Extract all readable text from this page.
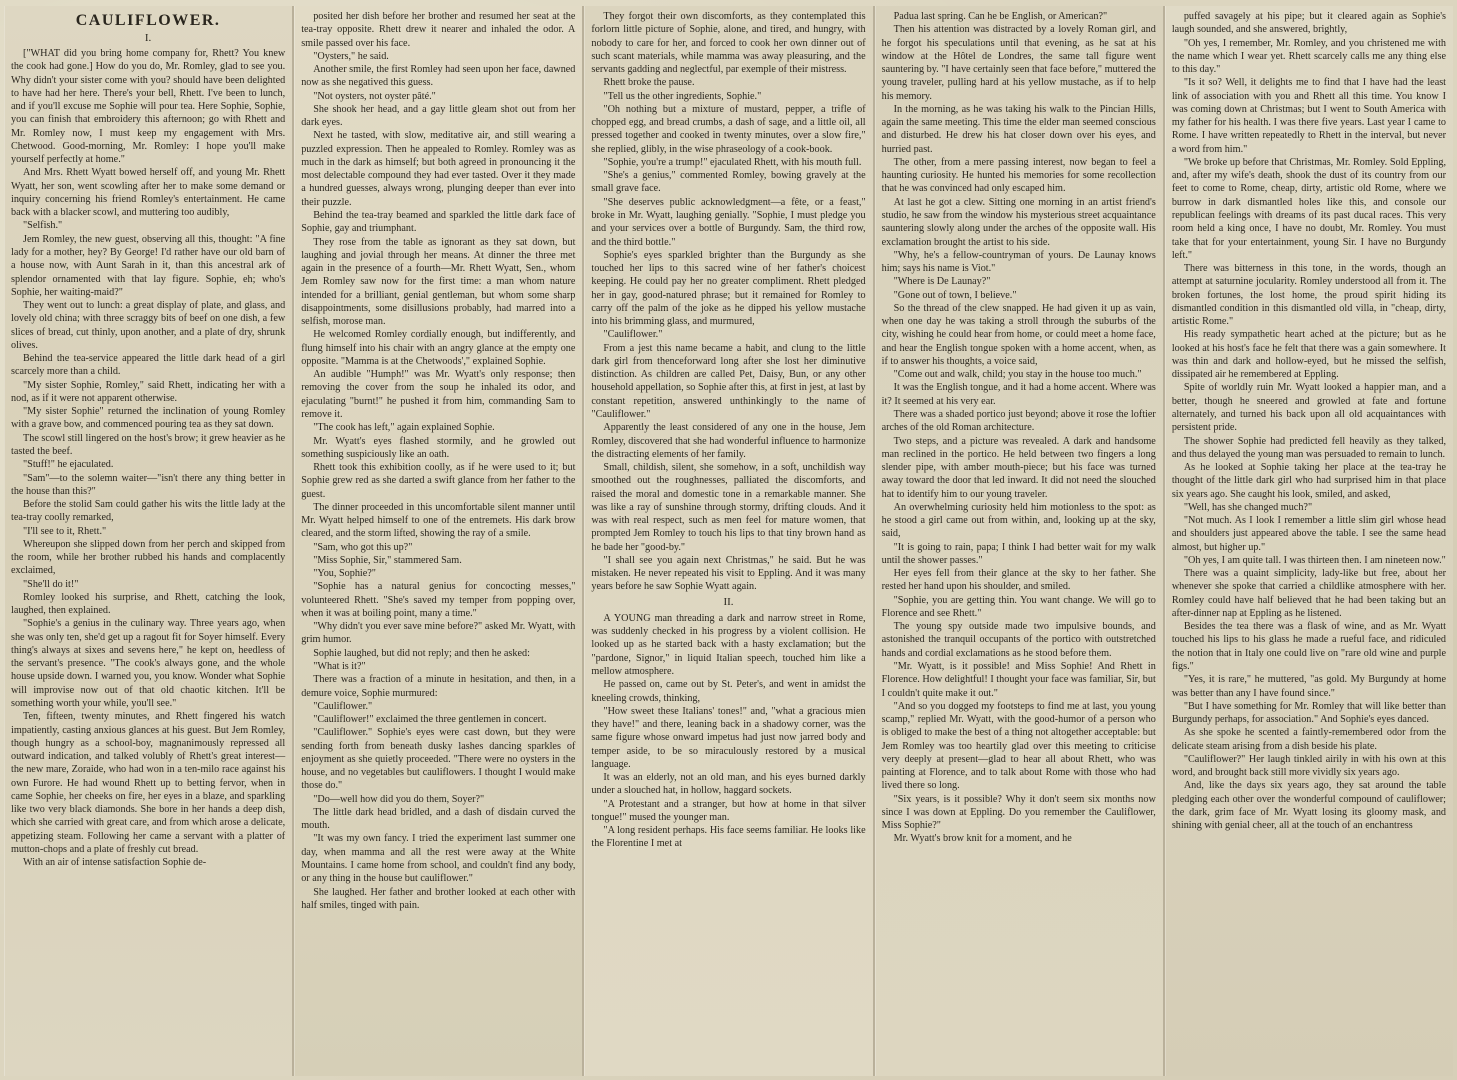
CAULIFLOWER.
I.
["WHAT did you bring home company for, Rhett? You knew the cook had gone.] How do you do, Mr. Romley, glad to see you. Why didn't your sister come with you? should have been delighted to have had her here. There's your bell, Rhett. I've been to lunch, and if you'll excuse me Sophie will pour tea. Here Sophie, Sophie, you can finish that embroidery this afternoon; go with Rhett and Mr. Romley now, I must keep my engagement with Mrs. Chetwood. Good-morning, Mr. Romley: I hope you'll make yourself perfectly at home."
And Mrs. Rhett Wyatt bowed herself off, and young Mr. Rhett Wyatt, her son, went scowling after her to make some demand or inquiry concerning his friend Romley's entertainment. He came back with a blacker scowl, and muttering too audibly,
"Selfish."
Jem Romley, the new guest, observing all this, thought: "A fine lady for a mother, hey? By George! I'd rather have our old barn of a house now, with Aunt Sarah in it, than this ancestral ark of splendor ornamented with that lay figure. Sophie, eh; who's Sophie, her waiting-maid?"
They went out to lunch: a great display of plate, and glass, and lovely old china; with three scraggy bits of beef on one dish, a few slices of bread, cut thinly, upon another, and a plate of dry, shrunk olives.
Behind the tea-service appeared the little dark head of a girl scarcely more than a child.
"My sister Sophie, Romley," said Rhett, indicating her with a nod, as if it were not apparent otherwise.
"My sister Sophie" returned the inclination of young Romley with a grave bow, and commenced pouring tea as they sat down.
The scowl still lingered on the host's brow; it grew heavier as he tasted the beef.
"Stuff!" he ejaculated.
"Sam"—to the solemn waiter—"isn't there any thing better in the house than this?"
Before the stolid Sam could gather his wits the little lady at the tea-tray coolly remarked,
"I'll see to it, Rhett."
Whereupon she slipped down from her perch and skipped from the room, while her brother rubbed his hands and complacently exclaimed,
"She'll do it!"
Romley looked his surprise, and Rhett, catching the look, laughed, then explained.
"Sophie's a genius in the culinary way. Three years ago, when she was only ten, she'd get up a ragout fit for Soyer himself. Every thing's always at sixes and sevens here," he kept on, heedless of the servant's presence. "The cook's always gone, and the whole house upside down. I warned you, you know. Wonder what Sophie will improvise now out of that old chaotic kitchen. It'll be something worth your while, you'll see."
Ten, fifteen, twenty minutes, and Rhett fingered his watch impatiently, casting anxious glances at his guest. But Jem Romley, though hungry as a school-boy, magnanimously repressed all outward indication, and talked volubly of Rhett's great interest—the new mare, Zoraide, who had won in a ten-milo race against his own Furore. He had wound Rhett up to betting fervor, when in came Sophie, her cheeks on fire, her eyes in a blaze, and sparkling like two very black diamonds. She bore in her hands a deep dish, which she carried with great care, and from which arose a delicate, appetizing steam. Following her came a servant with a platter of mutton-chops and a plate of freshly cut bread.
With an air of intense satisfaction Sophie de-
posited her dish before her brother and resumed her seat at the tea-tray opposite. Rhett drew it nearer and inhaled the odor. A smile passed over his face.
"Oysters," he said.
Another smile, the first Romley had seen upon her face, dawned now as she negatived this guess.
"Not oysters, not oyster pâté."
She shook her head, and a gay little gleam shot out from her dark eyes.
Next he tasted, with slow, meditative air, and still wearing a puzzled expression. Then he appealed to Romley. Romley was as much in the dark as himself; but both agreed in pronouncing it the most delectable compound they had ever tasted. Over it they made a hundred guesses, always wrong, plunging deeper than ever into their puzzle.
Behind the tea-tray beamed and sparkled the little dark face of Sophie, gay and triumphant.
They rose from the table as ignorant as they sat down, but laughing and jovial through her means. At dinner the three met again in the presence of a fourth—Mr. Rhett Wyatt, Sen., whom Jem Romley saw now for the first time: a man whom nature intended for a brilliant, genial gentleman, but whom some sharp disappointments, some disillusions probably, had marred into a selfish, morose man.
He welcomed Romley cordially enough, but indifferently, and flung himself into his chair with an angry glance at the empty one opposite. "Mamma is at the Chetwoods'," explained Sophie.
An audible "Humph!" was Mr. Wyatt's only response; then removing the cover from the soup he inhaled its odor, and ejaculating "burnt!" he pushed it from him, commanding Sam to remove it.
"The cook has left," again explained Sophie.
Mr. Wyatt's eyes flashed stormily, and he growled out something suspiciously like an oath.
Rhett took this exhibition coolly, as if he were used to it; but Sophie grew red as she darted a swift glance from her father to the guest.
The dinner proceeded in this uncomfortable silent manner until Mr. Wyatt helped himself to one of the entremets. His dark brow cleared, and the storm lifted, showing the ray of a smile.
"Sam, who got this up?"
"Miss Sophie, Sir," stammered Sam.
"You, Sophie?"
"Sophie has a natural genius for concocting messes," volunteered Rhett. "She's saved my temper from popping over, when it was at boiling point, many a time."
"Why didn't you ever save mine before?" asked Mr. Wyatt, with grim humor.
Sophie laughed, but did not reply; and then he asked:
"What is it?"
There was a fraction of a minute in hesitation, and then, in a demure voice, Sophie murmured:
"Cauliflower."
"Cauliflower!" exclaimed the three gentlemen in concert.
"Cauliflower." Sophie's eyes were cast down, but they were sending forth from beneath dusky lashes dancing sparkles of enjoyment as she quietly proceeded. "There were no oysters in the house, and no vegetables but cauliflowers. I thought I would make those do."
"Do—well how did you do them, Soyer?"
The little dark head bridled, and a dash of disdain curved the mouth.
"It was my own fancy. I tried the experiment last summer one day, when mamma and all the rest were away at the White Mountains. I came home from school, and couldn't find any body, or any thing in the house but cauliflower."
She laughed. Her father and brother looked at each other with half smiles, tinged with pain.
They forgot their own discomforts, as they contemplated this forlorn little picture of Sophie, alone, and tired, and hungry, with nobody to care for her, and forced to cook her own dinner out of such scant materials, while mamma was away pleasuring, and the servants gadding and neglectful, par exemple of their mistress.
Rhett broke the pause.
"Tell us the other ingredients, Sophie."
"Oh nothing but a mixture of mustard, pepper, a trifle of chopped egg, and bread crumbs, a dash of sage, and a little oil, all pressed together and cooked in twenty minutes, over a slow fire," she replied, glibly, in the wise phraseology of a cook-book.
"Sophie, you're a trump!" ejaculated Rhett, with his mouth full.
"She's a genius," commented Romley, bowing gravely at the small grave face.
"She deserves public acknowledgment—a fête, or a feast," broke in Mr. Wyatt, laughing genially. "Sophie, I must pledge you and your services over a bottle of Burgundy. Sam, the third row, and the third bottle."
Sophie's eyes sparkled brighter than the Burgundy as she touched her lips to this sacred wine of her father's choicest keeping. He could pay her no greater compliment. Rhett pledged her in gay, good-natured phrase; but it remained for Romley to carry off the palm of the joke as he dipped his yellow mustache into his brimming glass, and murmured,
"Cauliflower."
From a jest this name became a habit, and clung to the little dark girl from thenceforward long after she lost her diminutive distinction. As children are called Pet, Daisy, Bun, or any other household appellation, so Sophie after this, at first in jest, at last by constant repetition, answered unthinkingly to the name of "Cauliflower."
Apparently the least considered of any one in the house, Jem Romley, discovered that she had wonderful influence to harmonize the distracting elements of her family.
Small, childish, silent, she somehow, in a soft, unchildish way smoothed out the roughnesses, palliated the discomforts, and raised the moral and domestic tone in a remarkable manner. She was like a ray of sunshine through stormy, drifting clouds. And it was with real respect, such as men feel for mature women, that prompted Jem Romley to touch his lips to that tiny brown hand as he bade her "good-by."
"I shall see you again next Christmas," he said. But he was mistaken. He never repeated his visit to Eppling. And it was many years before he saw Sophie Wyatt again.
II.
A YOUNG man threading a dark and narrow street in Rome, was suddenly checked in his progress by a violent collision. He looked up as he started back with a hasty exclamation; but the "pardone, Signor," in liquid Italian speech, touched him like a mellow atmosphere.
He passed on, came out by St. Peter's, and went in amidst the kneeling crowds, thinking,
"How sweet these Italians' tones!" and, "what a gracious mien they have!" and there, leaning back in a shadowy corner, was the same figure whose onward impetus had just now jarred body and temper aside, to be so miraculously restored by a musical language.
It was an elderly, not an old man, and his eyes burned darkly under a slouched hat, in hollow, haggard sockets.
"A Protestant and a stranger, but how at home in that silver tongue!" mused the younger man.
"A long resident perhaps. His face seems familiar. He looks like the Florentine I met at
Padua last spring. Can he be English, or American?"
Then his attention was distracted by a lovely Roman girl, and he forgot his speculations until that evening, as he sat at his window at the Hôtel de Londres, the same tall figure went sauntering by. "I have certainly seen that face before," muttered the young traveler, pulling hard at his yellow mustache, as if to help his memory.
In the morning, as he was taking his walk to the Pincian Hills, again the same meeting. This time the elder man seemed conscious and disturbed. He drew his hat closer down over his eyes, and hurried past.
The other, from a mere passing interest, now began to feel a haunting curiosity. He hunted his memories for some recollection that he was convinced had only escaped him.
At last he got a clew. Sitting one morning in an artist friend's studio, he saw from the window his mysterious street acquaintance sauntering slowly along under the arches of the opposite wall. His exclamation brought the artist to his side.
"Why, he's a fellow-countryman of yours. De Launay knows him; says his name is Viot."
"Where is De Launay?"
"Gone out of town, I believe."
So the thread of the clew snapped. He had given it up as vain, when one day he was taking a stroll through the suburbs of the city, wishing he could hear from home, or could meet a home face, and hear the English tongue spoken with a home accent, when, as if to answer his thoughts, a voice said,
"Come out and walk, child; you stay in the house too much."
It was the English tongue, and it had a home accent. Where was it? It seemed at his very ear.
There was a shaded portico just beyond; above it rose the loftier arches of the old Roman architecture.
Two steps, and a picture was revealed. A dark and handsome man reclined in the portico. He held between two fingers a long slender pipe, with amber mouth-piece; but his face was turned away toward the door that led inward. It did not need the slouched hat to identify him to our young traveler.
An overwhelming curiosity held him motionless to the spot: as he stood a girl came out from within, and, looking up at the sky, said,
"It is going to rain, papa; I think I had better wait for my walk until the shower passes."
Her eyes fell from their glance at the sky to her father. She rested her hand upon his shoulder, and smiled.
"Sophie, you are getting thin. You want change. We will go to Florence and see Rhett."
The young spy outside made two impulsive bounds, and astonished the tranquil occupants of the portico with outstretched hands and cordial exclamations as he stood before them.
"Mr. Wyatt, is it possible! and Miss Sophie! And Rhett in Florence. How delightful! I thought your face was familiar, Sir, but I couldn't quite make it out."
"And so you dogged my footsteps to find me at last, you young scamp," replied Mr. Wyatt, with the good-humor of a person who is obliged to make the best of a thing not altogether acceptable: but Jem Romley was too heartily glad over this meeting to criticise very deeply at present—glad to hear all about Rhett, who was painting at Florence, and to talk about Rome with those who had lived there so long.
"Six years, is it possible? Why it don't seem six months now since I was down at Eppling. Do you remember the Cauliflower, Miss Sophie?"
Mr. Wyatt's brow knit for a moment, and he
puffed savagely at his pipe; but it cleared again as Sophie's laugh sounded, and she answered, brightly,
"Oh yes, I remember, Mr. Romley, and you christened me with the name which I wear yet. Rhett scarcely calls me any thing else to this day."
"Is it so? Well, it delights me to find that I have had the least link of association with you and Rhett all this time. You know I was coming down at Christmas; but I went to South America with my father for his health. I was there five years. Last year I came to Rome. I have written repeatedly to Rhett in the interval, but never a word from him."
"We broke up before that Christmas, Mr. Romley. Sold Eppling, and, after my wife's death, shook the dust of its country from our feet to come to Rome, cheap, dirty, artistic old Rome, where we burrow in dark dismantled holes like this, and console our republican feelings with dreams of its past ducal races. This very room held a king once, I have no doubt, Mr. Romley. You must take that for your entertainment, young Sir. I have no Burgundy left."
There was bitterness in this tone, in the words, though an attempt at saturnine jocularity. Romley understood all from it. The broken fortunes, the lost home, the proud spirit hiding its dismantled condition in this dismantled old villa, in "cheap, dirty, artistic Rome."
His ready sympathetic heart ached at the picture; but as he looked at his host's face he felt that there was a gain somewhere. It was thin and dark and hollow-eyed, but he missed the selfish, dissipated air he remembered at Eppling.
Spite of worldly ruin Mr. Wyatt looked a happier man, and a better, though he sneered and growled at fate and fortune alternately, and turned his back upon all old acquaintances with persistent pride.
The shower Sophie had predicted fell heavily as they talked, and thus delayed the young man was persuaded to remain to lunch.
As he looked at Sophie taking her place at the tea-tray he thought of the little dark girl who had surprised him in that place six years ago. She caught his look, smiled, and asked,
"Well, has she changed much?"
"Not much. As I look I remember a little slim girl whose head and shoulders just appeared above the table. I see the same head almost, but higher up."
"Oh yes, I am quite tall. I was thirteen then. I am nineteen now."
There was a quaint simplicity, lady-like but free, about her whenever she spoke that carried a childlike atmosphere with her. Romley could have half believed that he had been taking but an after-dinner nap at Eppling as he listened.
Besides the tea there was a flask of wine, and as Mr. Wyatt touched his lips to his glass he made a rueful face, and ridiculed the notion that in Italy one could live on "rare old wine and purple figs."
"Yes, it is rare," he muttered, "as gold. My Burgundy at home was better than any I have found since."
"But I have something for Mr. Romley that will like better than Burgundy perhaps, for association." And Sophie's eyes danced.
As she spoke he scented a faintly-remembered odor from the delicate steam arising from a dish beside his plate.
"Cauliflower?" Her laugh tinkled airily in with his own at this word, and brought back still more vividly six years ago.
And, like the days six years ago, they sat around the table pledging each other over the wonderful compound of cauliflower; the dark, grim face of Mr. Wyatt losing its gloomy mask, and shining with genial cheer, all at the touch of an enchantress
